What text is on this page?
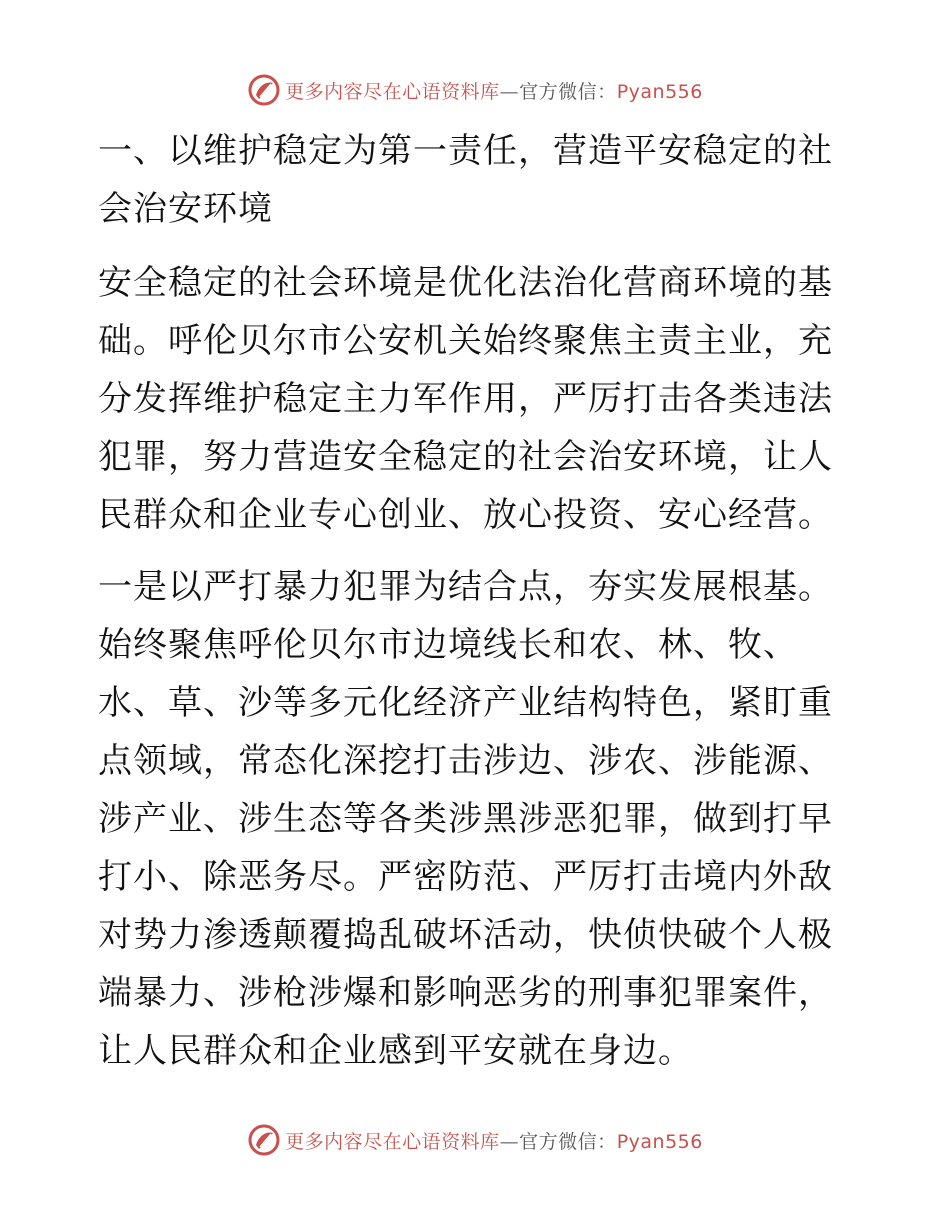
更多内容尽在心语资料库—官方微信：Pyan556

一、以维护稳定为第一责任，营造平安稳定的社会治安环境

安全稳定的社会环境是优化法治化营商环境的基础。呼伦贝尔市公安机关始终聚焦主责主业，充分发挥维护稳定主力军作用，严厉打击各类违法犯罪，努力营造安全稳定的社会治安环境，让人民群众和企业专心创业、放心投资、安心经营。

一是以严打暴力犯罪为结合点，夯实发展根基。始终聚焦呼伦贝尔市边境线长和农、林、牧、水、草、沙等多元化经济产业结构特色，紧盯重点领域，常态化深挖打击涉边、涉农、涉能源、涉产业、涉生态等各类涉黑涉恶犯罪，做到打早打小、除恶务尽。严密防范、严厉打击境内外敌对势力渗透颠覆捣乱破坏活动，快侦快破个人极端暴力、涉枪涉爆和影响恶劣的刑事犯罪案件，让人民群众和企业感到平安就在身边。

更多内容尽在心语资料库—官方微信：Pyan556
